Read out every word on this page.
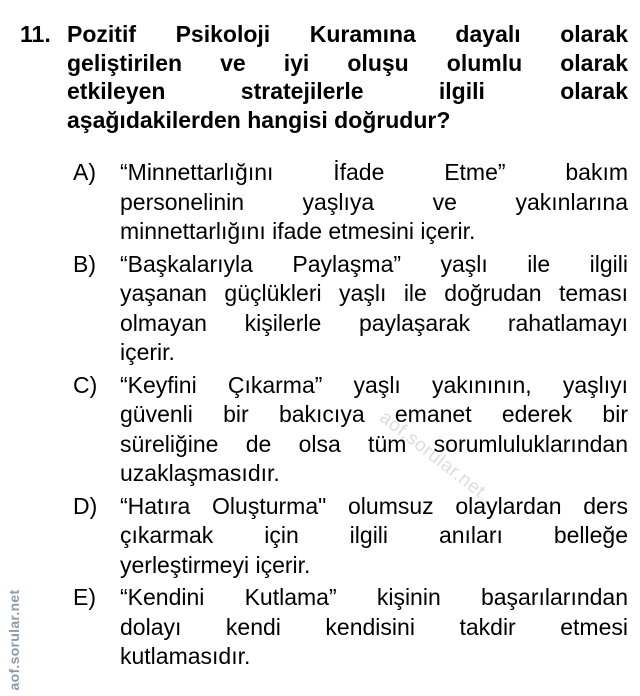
11. Pozitif Psikoloji Kuramına dayalı olarak
geliştirilen ve iyi oluşu olumlu olarak
etkileyen stratejilerle ilgili olarak
aşağıdakilerden hangisi doğrudur?
A) “Minnettarlığını İfade Etme” bakım
personelinin yaşlıya ve yakınlarına
minnettarlığını ifade etmesini içerir.
B) “Başkalarıyla Paylaşma” yaşlı ile ilgili
yaşanan güçlükleri yaşlı ile doğrudan teması
olmayan kişilerle paylaşarak rahatlamayı
içerir.
C) “Keyfini Çıkarma” yaşlı yakınının, yaşlıyı
güvenli bir bakıcıya emanet ederek bir
süreliğine de olsa tüm sorumluluklarından
uzaklaşmasıdır.
D) “Hatıra Oluşturma" olumsuz olaylardan ders
çıkarmak için ilgili anıları belleğe
yerleştirmeyi içerir.
E) “Kendini Kutlama” kişinin başarılarından
dolayı kendi kendisini takdir etmesi
kutlamasıdır.
aof.sorular.net
aof.sorular.net
